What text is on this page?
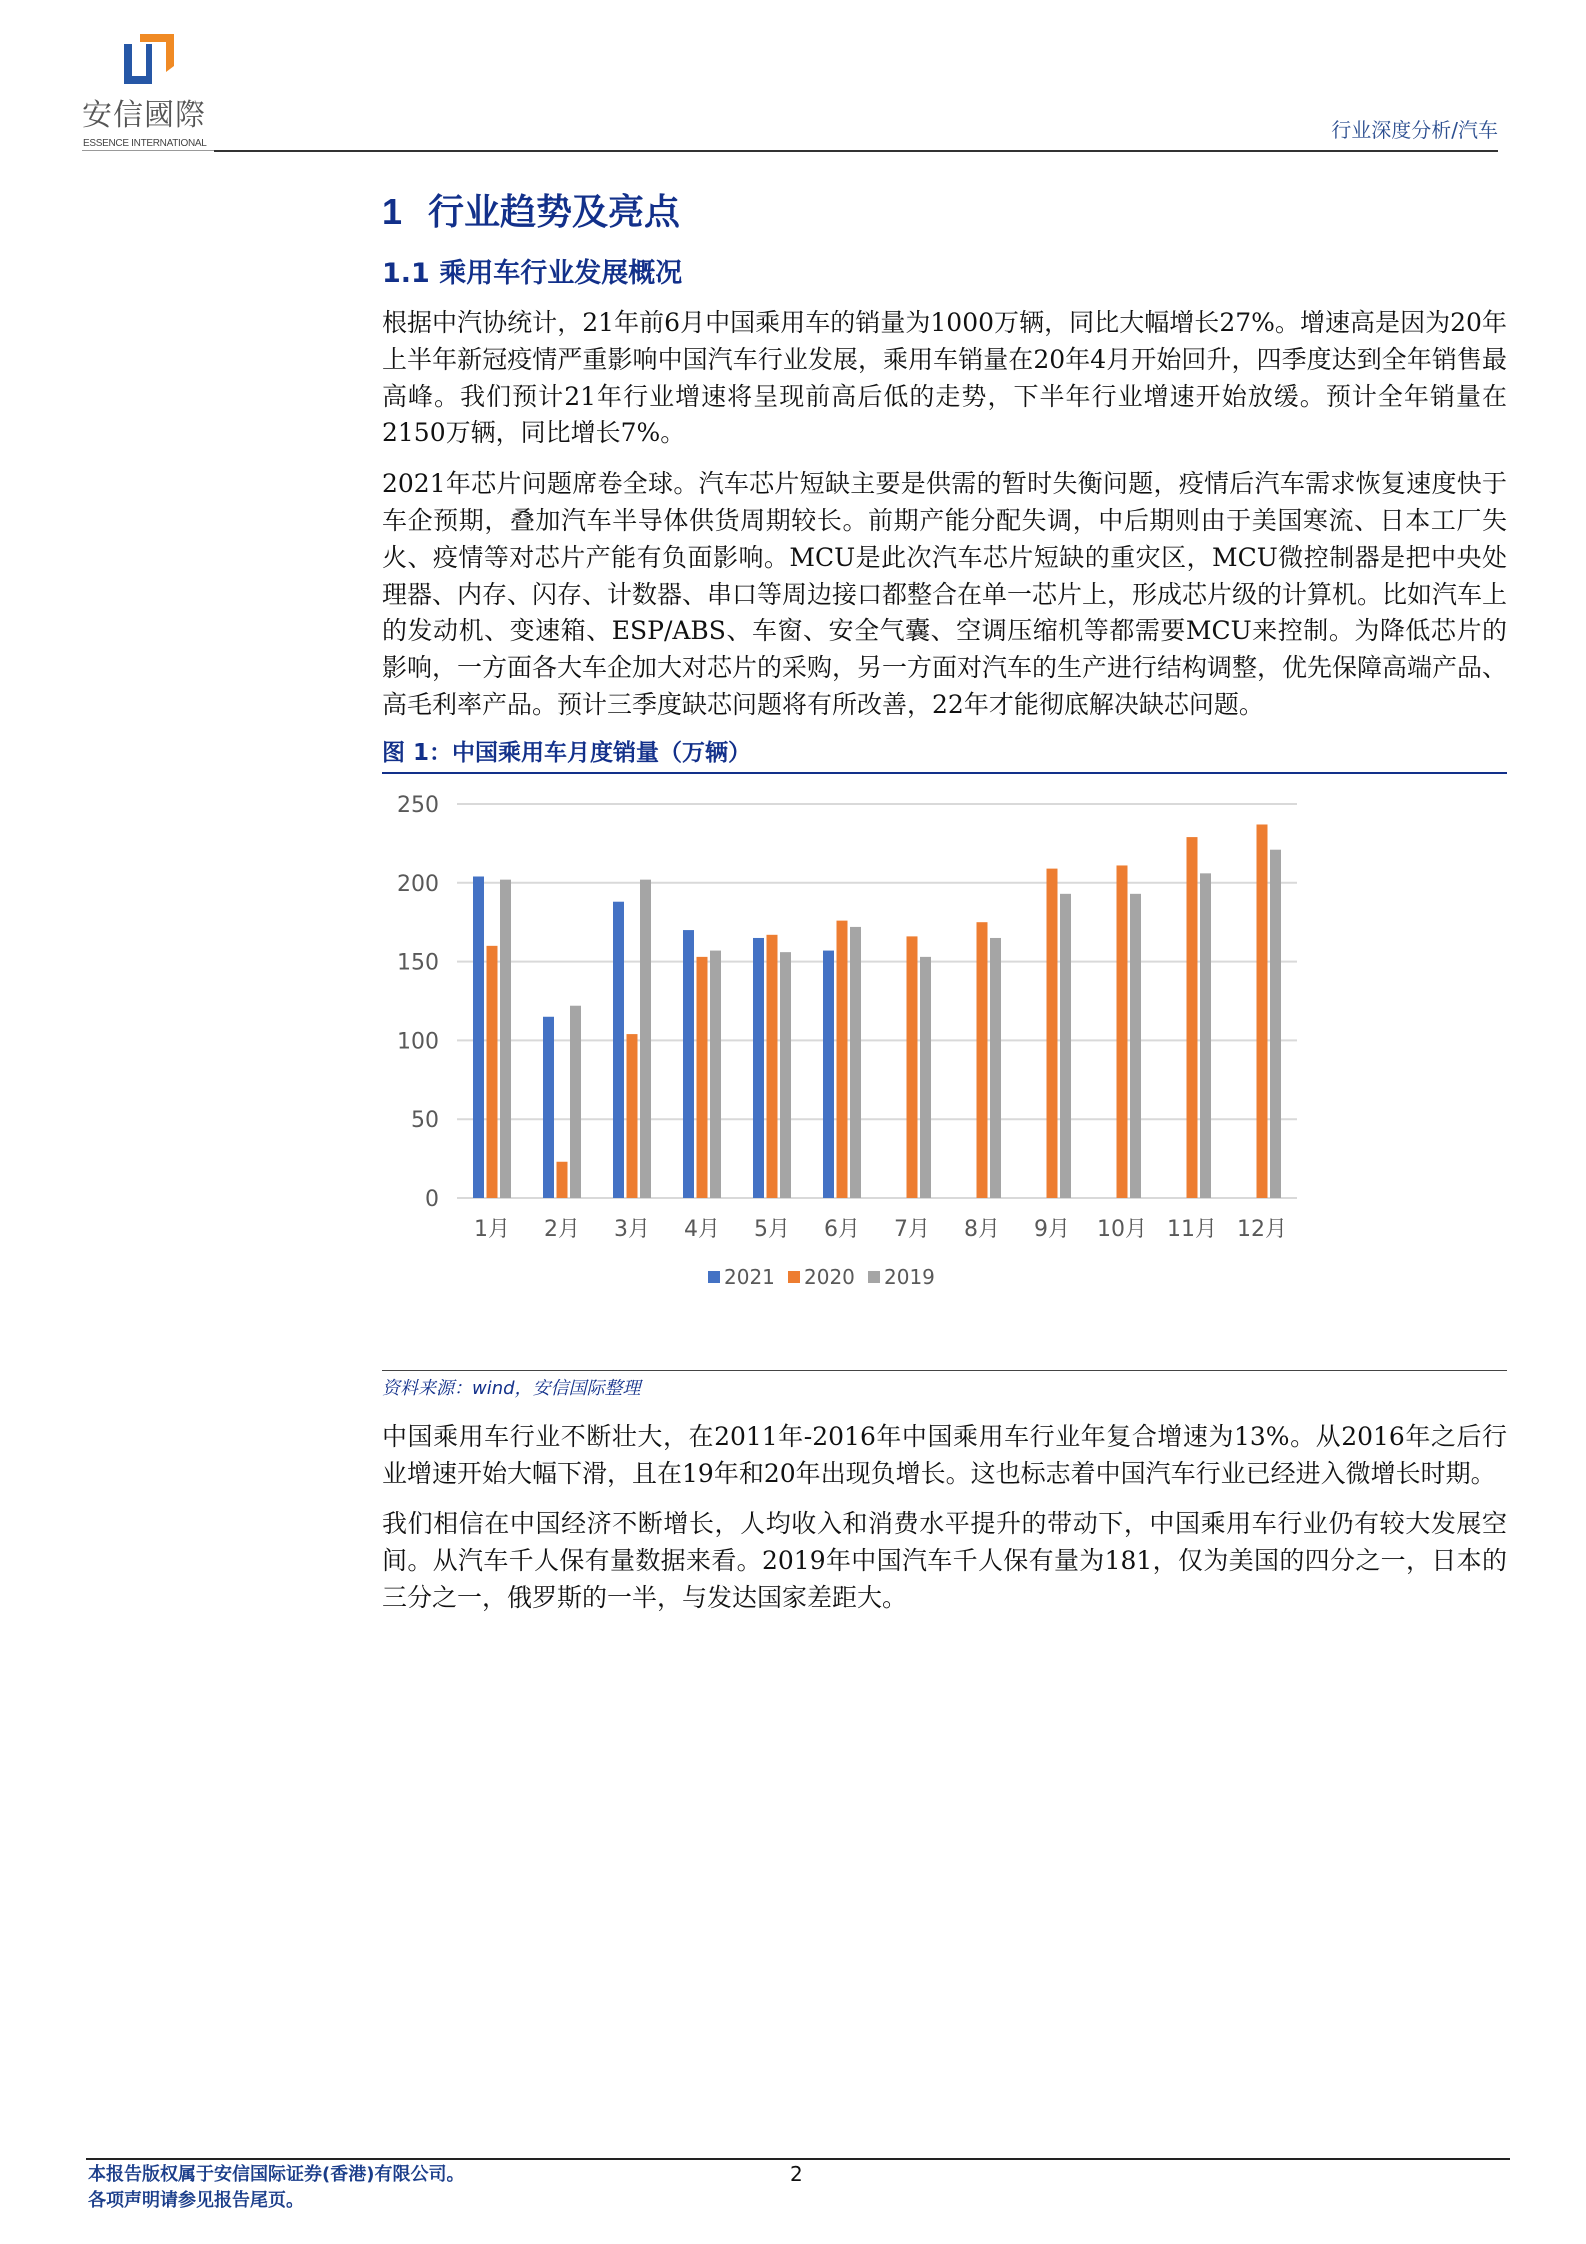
安信國際
ESSENCE INTERNATIONAL
行业深度分析/汽车
1 行业趋势及亮点
1.1 乘用车行业发展概况
根据中汽协统计，21年前6月中国乘用车的销量为1000万辆，同比大幅增长27%。增速高是因为20年上半年新冠疫情严重影响中国汽车行业发展，乘用车销量在20年4月开始回升，四季度达到全年销售最高峰。我们预计21年行业增速将呈现前高后低的走势，下半年行业增速开始放缓。预计全年销量在2150万辆，同比增长7%。
2021年芯片问题席卷全球。汽车芯片短缺主要是供需的暂时失衡问题，疫情后汽车需求恢复速度快于车企预期，叠加汽车半导体供货周期较长。前期产能分配失调，中后期则由于美国寒流、日本工厂失火、疫情等对芯片产能有负面影响。MCU是此次汽车芯片短缺的重灾区，MCU微控制器是把中央处理器、内存、闪存、计数器、串口等周边接口都整合在单一芯片上，形成芯片级的计算机。比如汽车上的发动机、变速箱、ESP/ABS、车窗、安全气囊、空调压缩机等都需要MCU来控制。为降低芯片的影响，一方面各大车企加大对芯片的采购，另一方面对汽车的生产进行结构调整，优先保障高端产品、高毛利率产品。预计三季度缺芯问题将有所改善，22年才能彻底解决缺芯问题。
图 1：中国乘用车月度销量（万辆）
0
50
100
150
200
250
1月 2月 3月 4月 5月 6月 7月 8月 9月 10月 11月 12月
2021 2020 2019
资料来源：wind，安信国际整理
中国乘用车行业不断壮大，在2011年-2016年中国乘用车行业年复合增速为13%。从2016年之后行业增速开始大幅下滑，且在19年和20年出现负增长。这也标志着中国汽车行业已经进入微增长时期。
我们相信在中国经济不断增长，人均收入和消费水平提升的带动下，中国乘用车行业仍有较大发展空间。从汽车千人保有量数据来看。2019年中国汽车千人保有量为181，仅为美国的四分之一，日本的三分之一，俄罗斯的一半，与发达国家差距大。
本报告版权属于安信国际证券(香港)有限公司。
各项声明请参见报告尾页。
2
